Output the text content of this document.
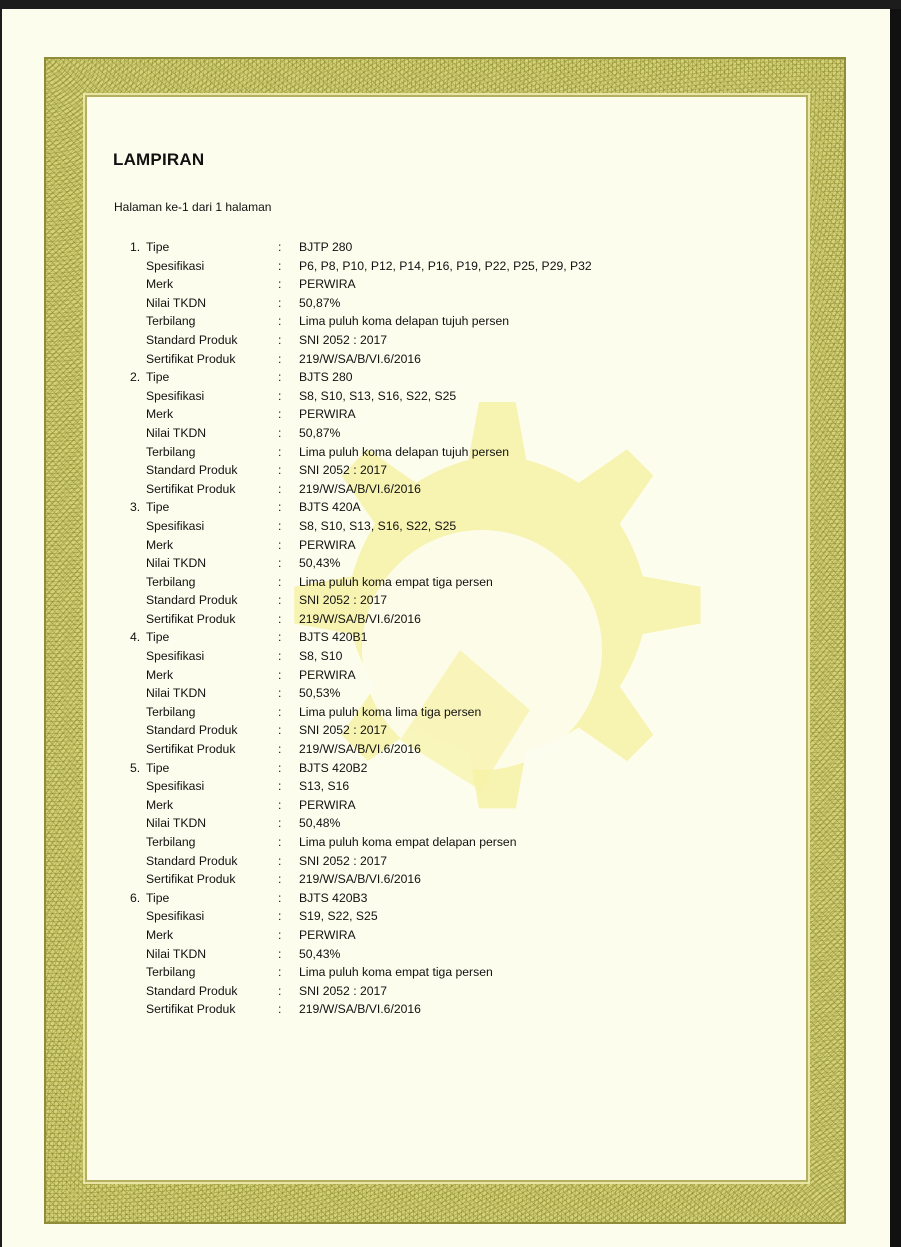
LAMPIRAN
Halaman ke-1 dari 1 halaman
1. Tipe	: BJTP 280
Spesifikasi	: P6, P8, P10, P12, P14, P16, P19, P22, P25, P29, P32
Merk	: PERWIRA
Nilai TKDN	: 50,87%
Terbilang	: Lima puluh koma delapan tujuh persen
Standard Produk	: SNI 2052 : 2017
Sertifikat Produk	: 219/W/SA/B/VI.6/2016
2. Tipe	: BJTS 280
Spesifikasi	: S8, S10, S13, S16, S22, S25
Merk	: PERWIRA
Nilai TKDN	: 50,87%
Terbilang	: Lima puluh koma delapan tujuh persen
Standard Produk	: SNI 2052 : 2017
Sertifikat Produk	: 219/W/SA/B/VI.6/2016
3. Tipe	: BJTS 420A
Spesifikasi	: S8, S10, S13, S16, S22, S25
Merk	: PERWIRA
Nilai TKDN	: 50,43%
Terbilang	: Lima puluh koma empat tiga persen
Standard Produk	: SNI 2052 : 2017
Sertifikat Produk	: 219/W/SA/B/VI.6/2016
4. Tipe	: BJTS 420B1
Spesifikasi	: S8, S10
Merk	: PERWIRA
Nilai TKDN	: 50,53%
Terbilang	: Lima puluh koma lima tiga persen
Standard Produk	: SNI 2052 : 2017
Sertifikat Produk	: 219/W/SA/B/VI.6/2016
5. Tipe	: BJTS 420B2
Spesifikasi	: S13, S16
Merk	: PERWIRA
Nilai TKDN	: 50,48%
Terbilang	: Lima puluh koma empat delapan persen
Standard Produk	: SNI 2052 : 2017
Sertifikat Produk	: 219/W/SA/B/VI.6/2016
6. Tipe	: BJTS 420B3
Spesifikasi	: S19, S22, S25
Merk	: PERWIRA
Nilai TKDN	: 50,43%
Terbilang	: Lima puluh koma empat tiga persen
Standard Produk	: SNI 2052 : 2017
Sertifikat Produk	: 219/W/SA/B/VI.6/2016
